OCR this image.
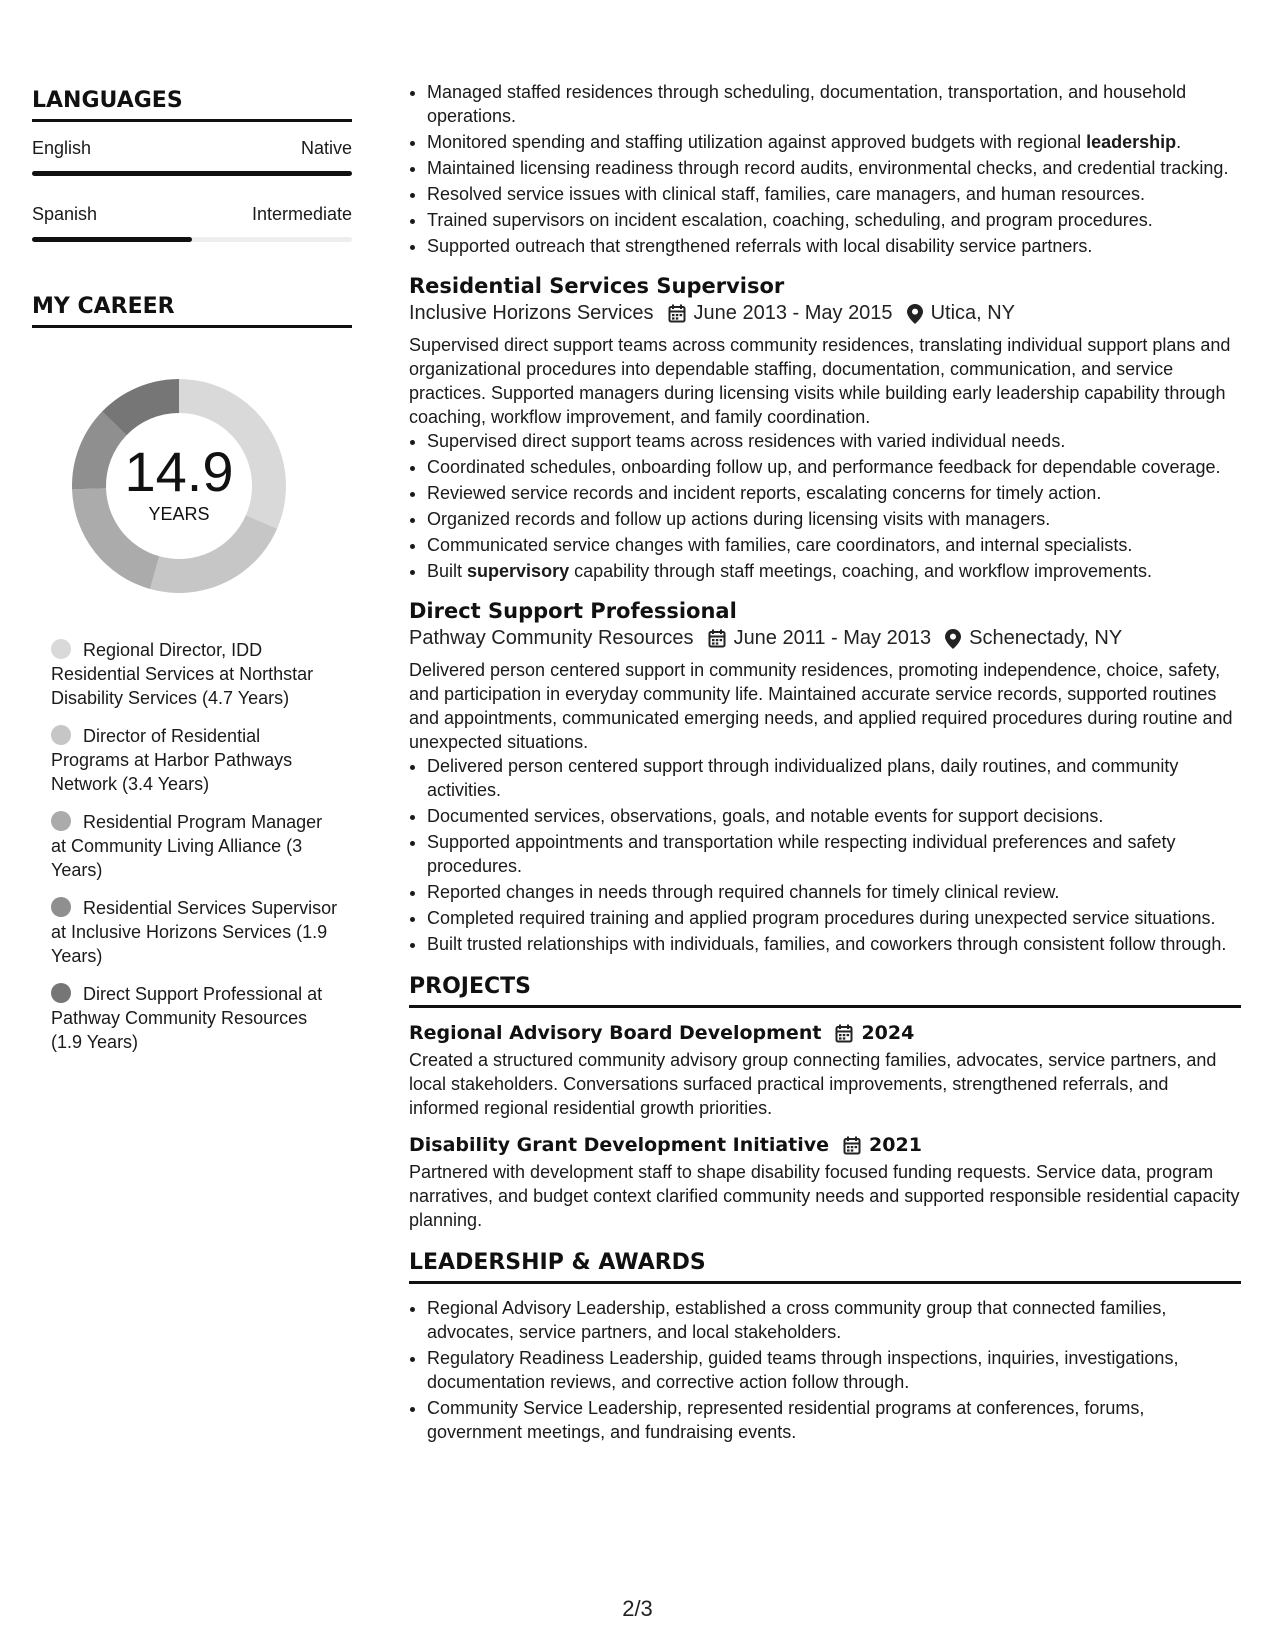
LANGUAGES
English	Native
Spanish	Intermediate
MY CAREER
14.9
YEARS
Regional Director, IDD Residential Services at Northstar Disability Services (4.7 Years)
Director of Residential Programs at Harbor Pathways Network (3.4 Years)
Residential Program Manager at Community Living Alliance (3 Years)
Residential Services Supervisor at Inclusive Horizons Services (1.9 Years)
Direct Support Professional at Pathway Community Resources (1.9 Years)
• Managed staffed residences through scheduling, documentation, transportation, and household operations.
• Monitored spending and staffing utilization against approved budgets with regional leadership.
• Maintained licensing readiness through record audits, environmental checks, and credential tracking.
• Resolved service issues with clinical staff, families, care managers, and human resources.
• Trained supervisors on incident escalation, coaching, scheduling, and program procedures.
• Supported outreach that strengthened referrals with local disability service partners.
Residential Services Supervisor
Inclusive Horizons Services June 2013 - May 2015 Utica, NY

Supervised direct support teams across community residences, translating individual support plans and organizational procedures into dependable staffing, documentation, communication, and service practices. Supported managers during licensing visits while building early leadership capability through coaching, workflow improvement, and family coordination.

• Supervised direct support teams across residences with varied individual needs.
• Coordinated schedules, onboarding follow up, and performance feedback for dependable coverage.
• Reviewed service records and incident reports, escalating concerns for timely action.
• Organized records and follow up actions during licensing visits with managers.
• Communicated service changes with families, care coordinators, and internal specialists.
• Built supervisory capability through staff meetings, coaching, and workflow improvements.
Direct Support Professional
Pathway Community Resources June 2011 - May 2013 Schenectady, NY

Delivered person centered support in community residences, promoting independence, choice, safety, and participation in everyday community life. Maintained accurate service records, supported routines and appointments, communicated emerging needs, and applied required procedures during routine and unexpected situations.

• Delivered person centered support through individualized plans, daily routines, and community activities.
• Documented services, observations, goals, and notable events for support decisions.
• Supported appointments and transportation while respecting individual preferences and safety procedures.
• Reported changes in needs through required channels for timely clinical review.
• Completed required training and applied program procedures during unexpected service situations.
• Built trusted relationships with individuals, families, and coworkers through consistent follow through.
PROJECTS
Regional Advisory Board Development 2024

Created a structured community advisory group connecting families, advocates, service partners, and local stakeholders. Conversations surfaced practical improvements, strengthened referrals, and informed regional residential growth priorities.

Disability Grant Development Initiative 2021

Partnered with development staff to shape disability focused funding requests. Service data, program narratives, and budget context clarified community needs and supported responsible residential capacity planning.

LEADERSHIP & AWARDS
• Regional Advisory Leadership, established a cross community group that connected families, advocates, service partners, and local stakeholders.
• Regulatory Readiness Leadership, guided teams through inspections, inquiries, investigations, documentation reviews, and corrective action follow through.
• Community Service Leadership, represented residential programs at conferences, forums, government meetings, and fundraising events.
2/3
